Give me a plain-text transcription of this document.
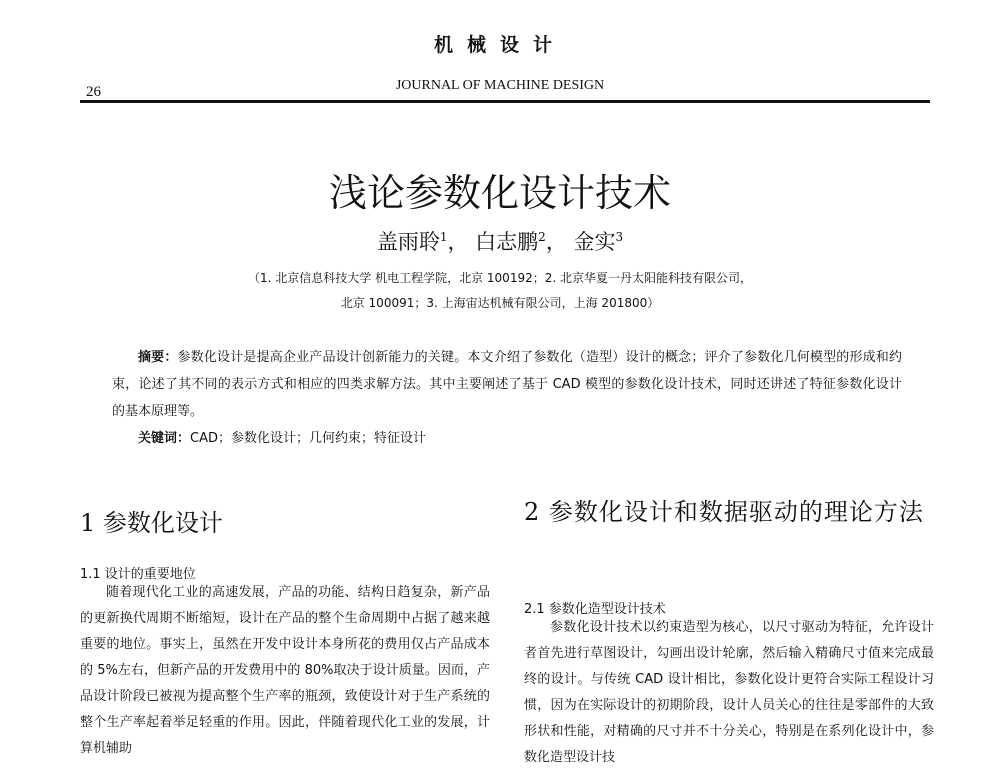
机械设计
26	JOURNAL OF MACHINE DESIGN
浅论参数化设计技术
盖雨聆$^1$， 白志鹏$^2$， 金实$^3$
（1. 北京信息科技大学 机电工程学院，北京 100192；2. 北京华夏一丹太阳能科技有限公司，
北京 100091；3. 上海宙达机械有限公司，上海 201800）

摘要：参数化设计是提高企业产品设计创新能力的关键。本文介绍了参数化（造型）设计的概念；评介了参数化几何模型的形成和约束，论述了其不同的表示方式和相应的四类求解方法。其中主要阐述了基于 CAD 模型的参数化设计技术，同时还讲述了特征参数化设计的基本原理等。

关键词：CAD；参数化设计；几何约束；特征设计

1 参数化设计
1.1 设计的重要地位

随着现代化工业的高速发展，产品的功能、结构日趋复杂，新产品的更新换代周期不断缩短，设计在产品的整个生命周期中占据了越来越重要的地位。事实上，虽然在开发中设计本身所花的费用仅占产品成本的 5%左右，但新产品的开发费用中的 80%取决于设计质量。因而，产品设计阶段已被视为提高整个生产率的瓶颈，致使设计对于生产系统的整个生产率起着举足轻重的作用。因此，伴随着现代化工业的发展，计算机辅助

2 参数化设计和数据驱动的理论方法
2.1 参数化造型设计技术

参数化设计技术以约束造型为核心，以尺寸驱动为特征，允许设计者首先进行草图设计，勾画出设计轮廓，然后输入精确尺寸值来完成最终的设计。与传统 CAD 设计相比，参数化设计更符合实际工程设计习惯，因为在实际设计的初期阶段，设计人员关心的往往是零部件的大致形状和性能，对精确的尺寸并不十分关心，特别是在系列化设计中，参数化造型设计技
